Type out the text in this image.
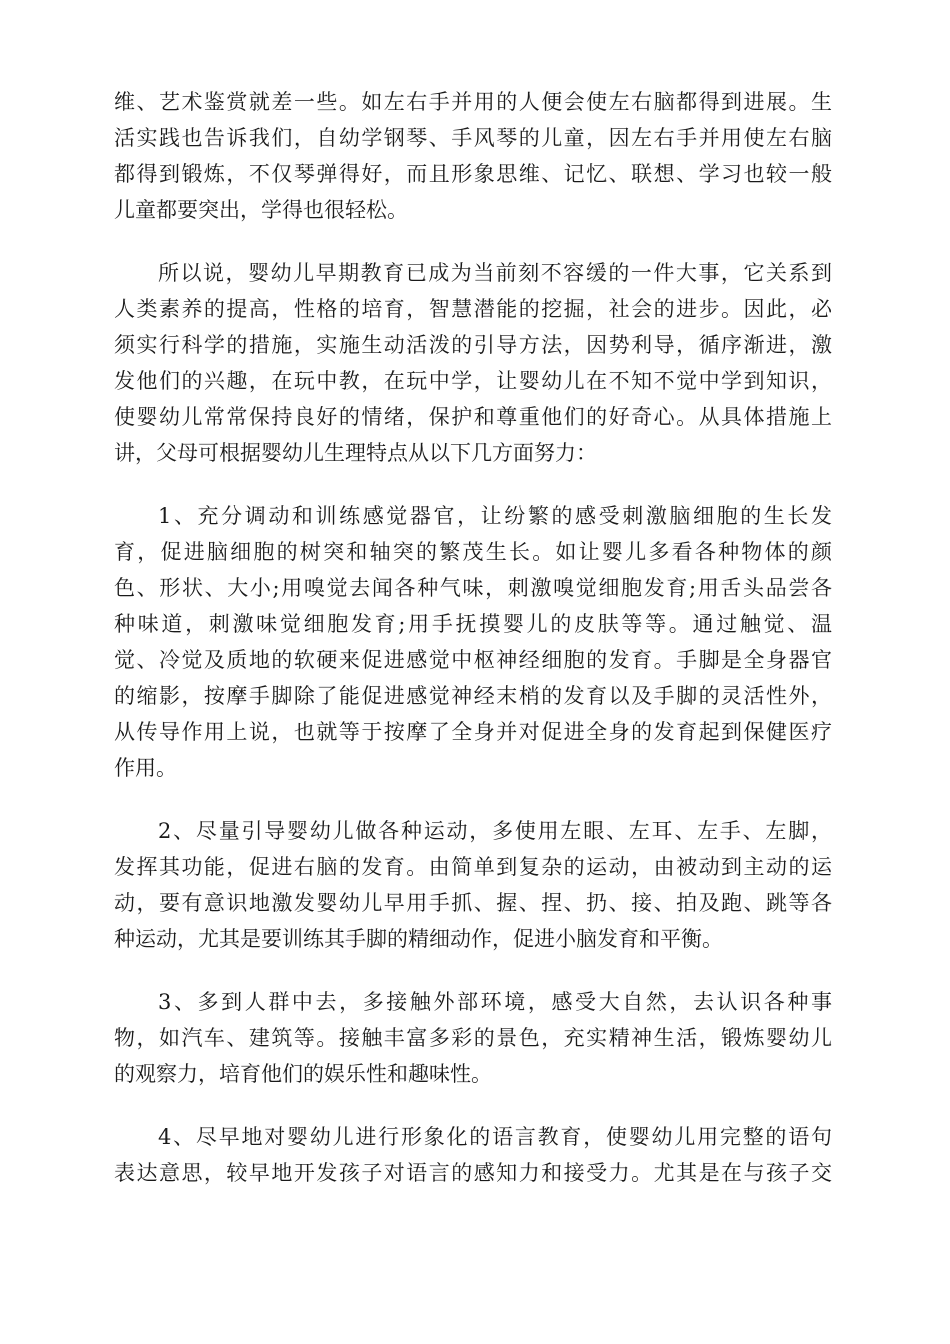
维、艺术鉴赏就差一些。如左右手并用的人便会使左右脑都得到进展。生
活实践也告诉我们，自幼学钢琴、手风琴的儿童，因左右手并用使左右脑
都得到锻炼，不仅琴弹得好，而且形象思维、记忆、联想、学习也较一般
儿童都要突出，学得也很轻松。
所以说，婴幼儿早期教育已成为当前刻不容缓的一件大事，它关系到
人类素养的提高，性格的培育，智慧潜能的挖掘，社会的进步。因此，必
须实行科学的措施，实施生动活泼的引导方法，因势利导，循序渐进，激
发他们的兴趣，在玩中教，在玩中学，让婴幼儿在不知不觉中学到知识，
使婴幼儿常常保持良好的情绪，保护和尊重他们的好奇心。从具体措施上
讲，父母可根据婴幼儿生理特点从以下几方面努力：
1、充分调动和训练感觉器官，让纷繁的感受刺激脑细胞的生长发
育，促进脑细胞的树突和轴突的繁茂生长。如让婴儿多看各种物体的颜
色、形状、大小;用嗅觉去闻各种气味，刺激嗅觉细胞发育;用舌头品尝各
种味道，刺激味觉细胞发育;用手抚摸婴儿的皮肤等等。通过触觉、温
觉、冷觉及质地的软硬来促进感觉中枢神经细胞的发育。手脚是全身器官
的缩影，按摩手脚除了能促进感觉神经末梢的发育以及手脚的灵活性外，
从传导作用上说，也就等于按摩了全身并对促进全身的发育起到保健医疗
作用。
2、尽量引导婴幼儿做各种运动，多使用左眼、左耳、左手、左脚，
发挥其功能，促进右脑的发育。由简单到复杂的运动，由被动到主动的运
动，要有意识地激发婴幼儿早用手抓、握、捏、扔、接、拍及跑、跳等各
种运动，尤其是要训练其手脚的精细动作，促进小脑发育和平衡。
3、多到人群中去，多接触外部环境，感受大自然，去认识各种事
物，如汽车、建筑等。接触丰富多彩的景色，充实精神生活，锻炼婴幼儿
的观察力，培育他们的娱乐性和趣味性。
4、尽早地对婴幼儿进行形象化的语言教育，使婴幼儿用完整的语句
表达意思，较早地开发孩子对语言的感知力和接受力。尤其是在与孩子交
